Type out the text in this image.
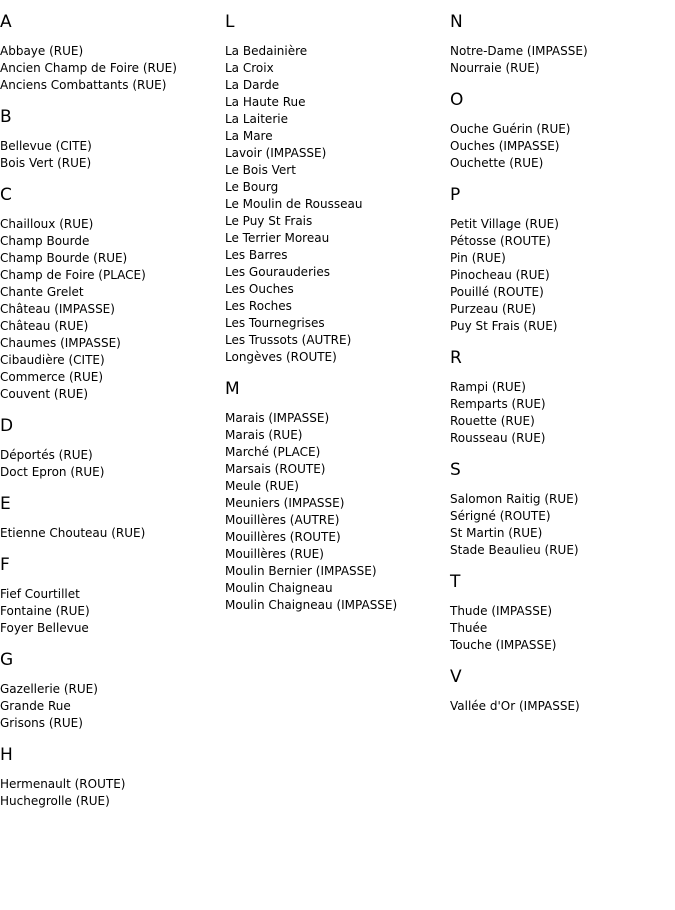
A
Abbaye (RUE)
Ancien Champ de Foire (RUE)
Anciens Combattants (RUE)
B
Bellevue (CITE)
Bois Vert (RUE)
C
Chailloux (RUE)
Champ Bourde
Champ Bourde (RUE)
Champ de Foire (PLACE)
Chante Grelet
Château (IMPASSE)
Château (RUE)
Chaumes (IMPASSE)
Cibaudière (CITE)
Commerce (RUE)
Couvent (RUE)
D
Déportés (RUE)
Doct Epron (RUE)
E
Etienne Chouteau (RUE)
F
Fief Courtillet
Fontaine (RUE)
Foyer Bellevue
G
Gazellerie (RUE)
Grande Rue
Grisons (RUE)
H
Hermenault (ROUTE)
Huchegrolle (RUE)
L
La Bedainière
La Croix
La Darde
La Haute Rue
La Laiterie
La Mare
Lavoir (IMPASSE)
Le Bois Vert
Le Bourg
Le Moulin de Rousseau
Le Puy St Frais
Le Terrier Moreau
Les Barres
Les Gourauderies
Les Ouches
Les Roches
Les Tournegrises
Les Trussots (AUTRE)
Longèves (ROUTE)
M
Marais (IMPASSE)
Marais (RUE)
Marché (PLACE)
Marsais (ROUTE)
Meule (RUE)
Meuniers (IMPASSE)
Mouillères (AUTRE)
Mouillères (ROUTE)
Mouillères (RUE)
Moulin Bernier (IMPASSE)
Moulin Chaigneau
Moulin Chaigneau (IMPASSE)
N
Notre-Dame (IMPASSE)
Nourraie (RUE)
O
Ouche Guérin (RUE)
Ouches (IMPASSE)
Ouchette (RUE)
P
Petit Village (RUE)
Pétosse (ROUTE)
Pin (RUE)
Pinocheau (RUE)
Pouillé (ROUTE)
Purzeau (RUE)
Puy St Frais (RUE)
R
Rampi (RUE)
Remparts (RUE)
Rouette (RUE)
Rousseau (RUE)
S
Salomon Raitig (RUE)
Sérigné (ROUTE)
St Martin (RUE)
Stade Beaulieu (RUE)
T
Thude (IMPASSE)
Thuée
Touche (IMPASSE)
V
Vallée d'Or (IMPASSE)
